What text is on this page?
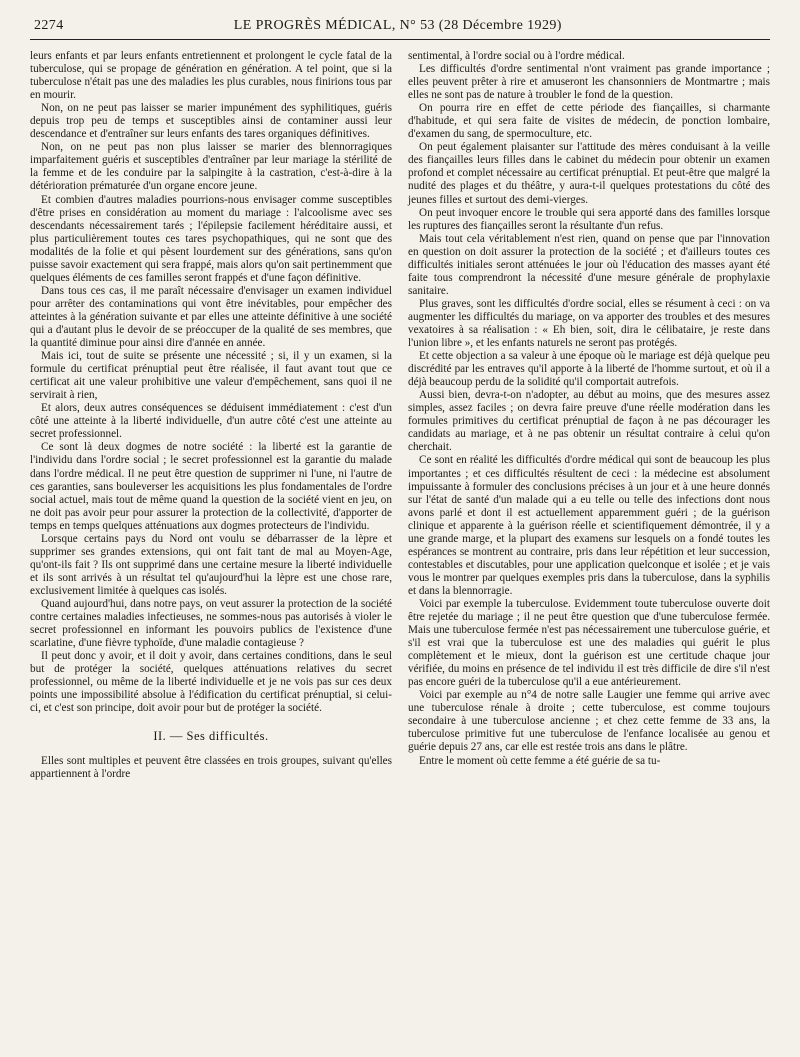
2274	LE PROGRÈS MÉDICAL, N° 53 (28 Décembre 1929)

leurs enfants et par leurs enfants entretiennent et prolongent le cycle fatal de la tuberculose, qui se propage de génération en génération. A tel point, que si la tuberculose n'était pas une des maladies les plus curables, nous finirions tous par en mourir.

Non, on ne peut pas laisser se marier impunément des syphilitiques, guéris depuis trop peu de temps et susceptibles ainsi de contaminer aussi leur descendance et d'entraîner sur leurs enfants des tares organiques définitives.

Non, on ne peut pas non plus laisser se marier des blennorragiques imparfaitement guéris et susceptibles d'entraîner par leur mariage la stérilité de la femme et de les conduire par la salpingite à la castration, c'est-à-dire à la détérioration prématurée d'un organe encore jeune.

Et combien d'autres maladies pourrions-nous envisager comme susceptibles d'être prises en considération au moment du mariage : l'alcoolisme avec ses descendants nécessairement tarés ; l'épilepsie facilement héréditaire aussi, et plus particulièrement toutes ces tares psychopathiques, qui ne sont que des modalités de la folie et qui pèsent lourdement sur des générations, sans qu'on puisse savoir exactement qui sera frappé, mais alors qu'on sait pertinemment que quelques éléments de ces familles seront frappés et d'une façon définitive.

Dans tous ces cas, il me paraît nécessaire d'envisager un examen individuel pour arrêter des contaminations qui vont être inévitables, pour empêcher des atteintes à la génération suivante et par elles une atteinte définitive à une société qui a d'autant plus le devoir de se préoccuper de la qualité de ses membres, que la quantité diminue pour ainsi dire d'année en année.

Mais ici, tout de suite se présente une nécessité ; si, il y un examen, si la formule du certificat prénuptial peut être réalisée, il faut avant tout que ce certificat ait une valeur prohibitive une valeur d'empêchement, sans quoi il ne servirait à rien,

Et alors, deux autres conséquences se déduisent immédiatement : c'est d'un côté une atteinte à la liberté individuelle, d'un autre côté c'est une atteinte au secret professionnel.

Ce sont là deux dogmes de notre société : la liberté est la garantie de l'individu dans l'ordre social ; le secret professionnel est la garantie du malade dans l'ordre médical. Il ne peut être question de supprimer ni l'une, ni l'autre de ces garanties, sans bouleverser les acquisitions les plus fondamentales de l'ordre social actuel, mais tout de même quand la question de la société vient en jeu, on ne doit pas avoir peur pour assurer la protection de la collectivité, d'apporter de temps en temps quelques atténuations aux dogmes protecteurs de l'individu.

Lorsque certains pays du Nord ont voulu se débarrasser de la lèpre et supprimer ses grandes extensions, qui ont fait tant de mal au Moyen-Age, qu'ont-ils fait ? Ils ont supprimé dans une certaine mesure la liberté individuelle et ils sont arrivés à un résultat tel qu'aujourd'hui la lèpre est une chose rare, exclusivement limitée à quelques cas isolés.

Quand aujourd'hui, dans notre pays, on veut assurer la protection de la société contre certaines maladies infectieuses, ne sommes-nous pas autorisés à violer le secret professionnel en informant les pouvoirs publics de l'existence d'une scarlatine, d'une fièvre typhoïde, d'une maladie contagieuse ?

Il peut donc y avoir, et il doit y avoir, dans certaines conditions, dans le seul but de protéger la société, quelques atténuations relatives du secret professionnel, ou même de la liberté individuelle et je ne vois pas sur ces deux points une impossibilité absolue à l'édification du certificat prénuptial, si celui-ci, et c'est son principe, doit avoir pour but de protéger la société.

II. — Ses difficultés.

Elles sont multiples et peuvent être classées en trois groupes, suivant qu'elles appartiennent à l'ordre

sentimental, à l'ordre social ou à l'ordre médical.

Les difficultés d'ordre sentimental n'ont vraiment pas grande importance ; elles peuvent prêter à rire et amuseront les chansonniers de Montmartre ; mais elles ne sont pas de nature à troubler le fond de la question.

On pourra rire en effet de cette période des fiançailles, si charmante d'habitude, et qui sera faite de visites de médecin, de ponction lombaire, d'examen du sang, de spermoculture, etc.

On peut également plaisanter sur l'attitude des mères conduisant à la veille des fiançailles leurs filles dans le cabinet du médecin pour obtenir un examen profond et complet nécessaire au certificat prénuptial. Et peut-être que malgré la nudité des plages et du théâtre, y aura-t-il quelques protestations du côté des jeunes filles et surtout des demi-vierges.

On peut invoquer encore le trouble qui sera apporté dans des familles lorsque les ruptures des fiançailles seront la résultante d'un refus.

Mais tout cela véritablement n'est rien, quand on pense que par l'innovation en question on doit assurer la protection de la société ; et d'ailleurs toutes ces difficultés initiales seront atténuées le jour où l'éducation des masses ayant été faite tous comprendront la nécessité d'une mesure générale de prophylaxie sanitaire.

Plus graves, sont les difficultés d'ordre social, elles se résument à ceci : on va augmenter les difficultés du mariage, on va apporter des troubles et des mesures vexatoires à sa réalisation : « Eh bien, soit, dira le célibataire, je reste dans l'union libre », et les enfants naturels ne seront pas protégés.

Et cette objection a sa valeur à une époque où le mariage est déjà quelque peu discrédité par les entraves qu'il apporte à la liberté de l'homme surtout, et où il a déjà beaucoup perdu de la solidité qu'il comportait autrefois.

Aussi bien, devra-t-on n'adopter, au début au moins, que des mesures assez simples, assez faciles ; on devra faire preuve d'une réelle modération dans les formules primitives du certificat prénuptial de façon à ne pas décourager les candidats au mariage, et à ne pas obtenir un résultat contraire à celui qu'on cherchait.

Ce sont en réalité les difficultés d'ordre médical qui sont de beaucoup les plus importantes ; et ces difficultés résultent de ceci : la médecine est absolument impuissante à formuler des conclusions précises à un jour et à une heure donnés sur l'état de santé d'un malade qui a eu telle ou telle des infections dont nous avons parlé et dont il est actuellement apparemment guéri ; de la guérison clinique et apparente à la guérison réelle et scientifiquement démontrée, il y a une grande marge, et la plupart des examens sur lesquels on a fondé toutes les espérances se montrent au contraire, pris dans leur répétition et leur succession, contestables et discutables, pour une application quelconque et isolée ; et je vais vous le montrer par quelques exemples pris dans la tuberculose, dans la syphilis et dans la blennorragie.

Voici par exemple la tuberculose. Evidemment toute tuberculose ouverte doit être rejetée du mariage ; il ne peut être question que d'une tuberculose fermée. Mais une tuberculose fermée n'est pas nécessairement une tuberculose guérie, et s'il est vrai que la tuberculose est une des maladies qui guérit le plus complètement et le mieux, dont la guérison est une certitude chaque jour vérifiée, du moins en présence de tel individu il est très difficile de dire s'il n'est pas encore guéri de la tuberculose qu'il a eue antérieurement.

Voici par exemple au n°4 de notre salle Laugier une femme qui arrive avec une tuberculose rénale à droite ; cette tuberculose, est comme toujours secondaire à une tuberculose ancienne ; et chez cette femme de 33 ans, la tuberculose primitive fut une tuberculose de l'enfance localisée au genou et guérie depuis 27 ans, car elle est restée trois ans dans le plâtre.

Entre le moment où cette femme a été guérie de sa tu-
